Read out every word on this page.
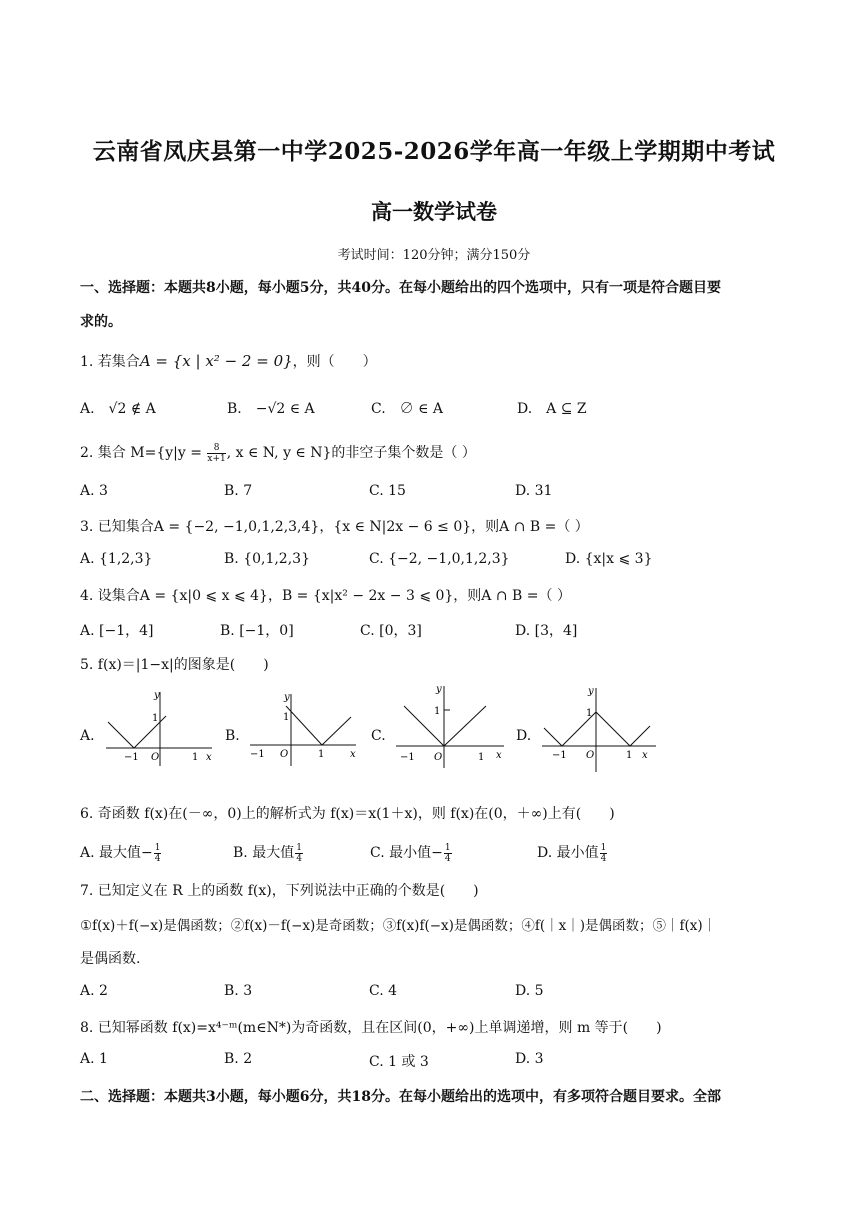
云南省凤庆县第一中学2025-2026学年高一年级上学期期中考试
高一数学试卷
考试时间：120分钟；满分150分
一、选择题：本题共8小题，每小题5分，共40分。在每小题给出的四个选项中，只有一项是符合题目要
求的。
1. 若集合A = {x | x² − 2 = 0}，则（　　）
A.　√2 ∉ A	B.　−√2 ∈ A	C.　∅ ∈ A	D.　A ⊆ Z
2. 集合 $M=\{y|y = \frac{8}{x+1}$ , x ∈ N, y ∈ N}的非空子集个数是（ ）
A. 3	B. 7	C. 15	D. 31
3. 已知集合A = {−2, −1,0,1,2,3,4}，{x ∈ N|2x − 6 ≤ 0}，则A ∩ B =（ ）
A. {1,2,3}	B. {0,1,2,3}	C. {−2, −1,0,1,2,3}	D. {x|x ⩽ 3}
4. 设集合A = {x|0 ⩽ x ⩽ 4}，B = {x|x² − 2x − 3 ⩽ 0}，则A ∩ B =（ ）
A. [−1，4]	B. [−1，0]	C. [0，3]	D. [3，4]
5. f(x)＝|1−x|的图象是(　　)
A.
y
x
O
−1	1
1
B.
y
x
O
−1	1
1
C.
y
x
O
−1	1
1
D.
y
x
O
−1	1
1
6. 奇函数 f(x)在(－∞，0)上的解析式为 f(x)＝x(1＋x)，则 f(x)在(0，＋∞)上有(　　)
A. 最大值− $\frac{1}{4}$	B. 最大值 $\frac{1}{4}$	C. 最小值− $\frac{1}{4}$	D. 最小值 $\frac{1}{4}$
7. 已知定义在 R 上的函数 f(x)，下列说法中正确的个数是(　　)
①f(x)＋f(−x)是偶函数；②f(x)－f(−x)是奇函数；③f(x)f(−x)是偶函数；④f(｜x｜)是偶函数；⑤｜f(x)｜
是偶函数.
A. 2	B. 3	C. 4	D. 5
8. 已知幂函数 f(x)=x⁴⁻ᵐ(m∈N*)为奇函数，且在区间(0，+∞)上单调递增，则 m 等于(　　)
A. 1	B. 2	C. 1 或 3	D. 3
二、选择题：本题共3小题，每小题6分，共18分。在每小题给出的选项中，有多项符合题目要求。全部
